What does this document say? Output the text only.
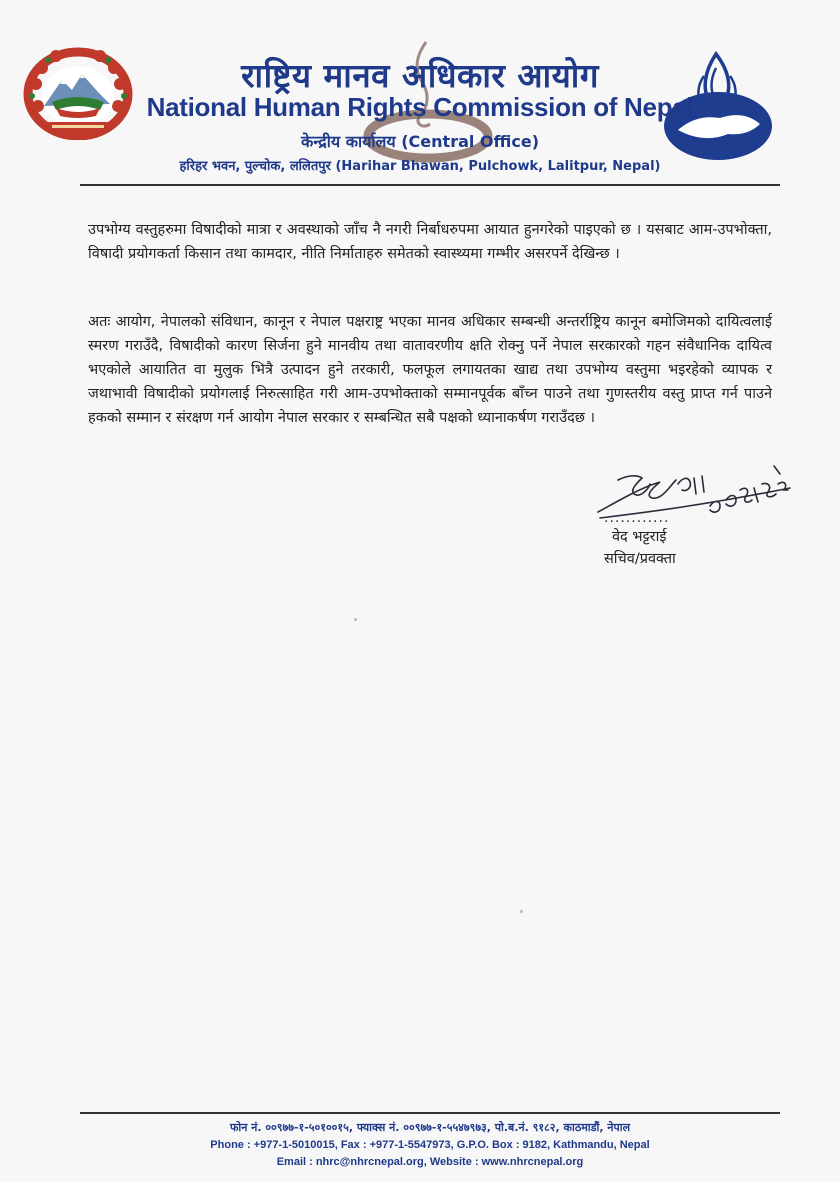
राष्ट्रिय मानव अधिकार आयोग
National Human Rights Commission of Nepal
केन्द्रीय कार्यालय (Central Office)
हरिहर भवन, पुल्चोक, ललितपुर (Harihar Bhawan, Pulchowk, Lalitpur, Nepal)
उपभोग्य वस्तुहरुमा विषादीको मात्रा र अवस्थाको जाँच नै नगरी निर्बाधरुपमा आयात हुनगरेको पाइएको छ । यसबाट आम-उपभोक्ता, विषादी प्रयोगकर्ता किसान तथा कामदार, नीति निर्माताहरु समेतको स्वास्थ्यमा गम्भीर असरपर्ने देखिन्छ ।
अतः आयोग, नेपालको संविधान, कानून र नेपाल पक्षराष्ट्र भएका मानव अधिकार सम्बन्धी अन्तर्राष्ट्रिय कानून बमोजिमको दायित्वलाई स्मरण गराउँदै, विषादीको कारण सिर्जना हुने मानवीय तथा वातावरणीय क्षति रोक्नु पर्ने नेपाल सरकारको गहन संवैधानिक दायित्व भएकोले आयातित वा मुलुक भित्रै उत्पादन हुने तरकारी, फलफूल लगायतका खाद्य तथा उपभोग्य वस्तुमा भइरहेको व्यापक र जथाभावी विषादीको प्रयोगलाई निरुत्साहित गरी आम-उपभोक्ताको सम्मानपूर्वक बाँच्न पाउने तथा गुणस्तरीय वस्तु प्राप्त गर्न पाउने हकको सम्मान र संरक्षण गर्न आयोग नेपाल सरकार र सम्बन्धित सबै पक्षको ध्यानाकर्षण गराउँदछ ।
............
वेद भट्टराई
सचिव/प्रवक्ता
फोन नं. ००९७७-१-५०१००१५, फ्याक्स नं. ००९७७-१-५५४७९७३, पो.ब.नं. ९१८२, काठमाडौं, नेपाल
Phone : +977-1-5010015, Fax : +977-1-5547973, G.P.O. Box : 9182, Kathmandu, Nepal
Email : nhrc@nhrcnepal.org, Website : www.nhrcnepal.org
